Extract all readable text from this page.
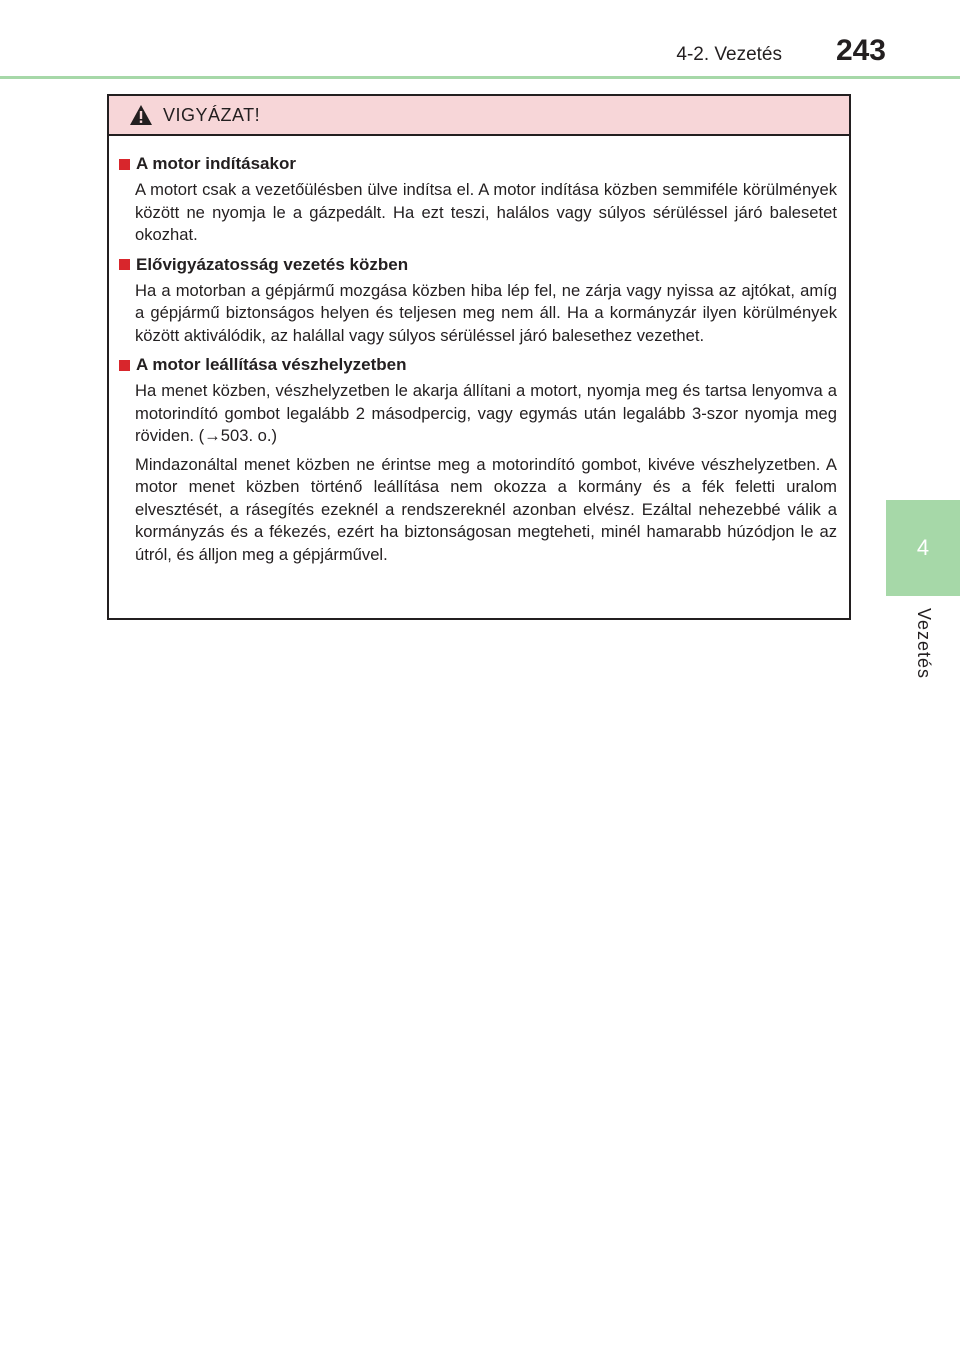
4-2. Vezetés	243
4
Vezetés
VIGYÁZAT!
A motor indításakor

A motort csak a vezetőülésben ülve indítsa el. A motor indítása közben semmiféle körülmények között ne nyomja le a gázpedált. Ha ezt teszi, halálos vagy súlyos sérüléssel járó balesetet okozhat.

Elővigyázatosság vezetés közben

Ha a motorban a gépjármű mozgása közben hiba lép fel, ne zárja vagy nyissa az ajtókat, amíg a gépjármű biztonságos helyen és teljesen meg nem áll. Ha a kormányzár ilyen körülmények között aktiválódik, az halállal vagy súlyos sérüléssel járó balesethez vezethet.

A motor leállítása vészhelyzetben

Ha menet közben, vészhelyzetben le akarja állítani a motort, nyomja meg és tartsa lenyomva a motorindító gombot legalább 2 másodpercig, vagy egymás után legalább 3-szor nyomja meg röviden. (→503. o.)

Mindazonáltal menet közben ne érintse meg a motorindító gombot, kivéve vészhelyzetben. A motor menet közben történő leállítása nem okozza a kormány és a fék feletti uralom elvesztését, a rásegítés ezeknél a rendszereknél azonban elvész. Ezáltal nehezebbé válik a kormányzás és a fékezés, ezért ha biztonságosan megteheti, minél hamarabb húzódjon le az útról, és álljon meg a gépjárművel.
